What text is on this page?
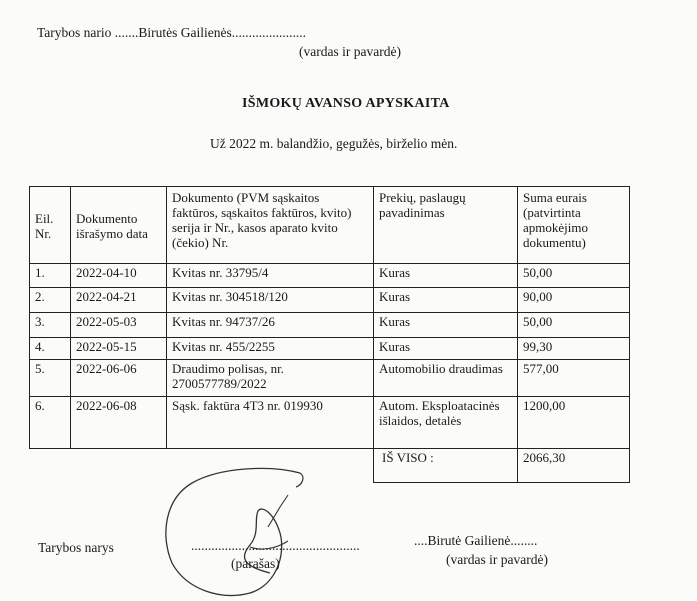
Tarybos nario .......Birutės Gailienės......................
(vardas ir pavardė)
IŠMOKŲ AVANSO APYSKAITA
Už 2022 m. balandžio, gegužės, birželio mėn.
Eil. Nr.	Dokumento išrašymo data	Dokumento (PVM sąskaitos faktūros, sąskaitos faktūros, kvito) serija ir Nr., kasos aparato kvito (čekio) Nr.	Prekių, paslaugų pavadinimas	Suma eurais (patvirtinta apmokėjimo dokumentu)
1.	2022-04-10	Kvitas nr. 33795/4	Kuras	50,00
2.	2022-04-21	Kvitas nr. 304518/120	Kuras	90,00
3.	2022-05-03	Kvitas nr. 94737/26	Kuras	50,00
4.	2022-05-15	Kvitas nr. 455/2255	Kuras	99,30
5.	2022-06-06	Draudimo polisas, nr. 2700577789/2022	Automobilio draudimas	577,00
6.	2022-06-08	Sąsk. faktūra 4T3 nr. 019930	Autom. Eksploatacinės išlaidos, detalės	1200,00
			IŠ VISO :	2066,30
Tarybos narys	..................................................
(parašas)
....Birutė Gailienė........
(vardas ir pavardė)
